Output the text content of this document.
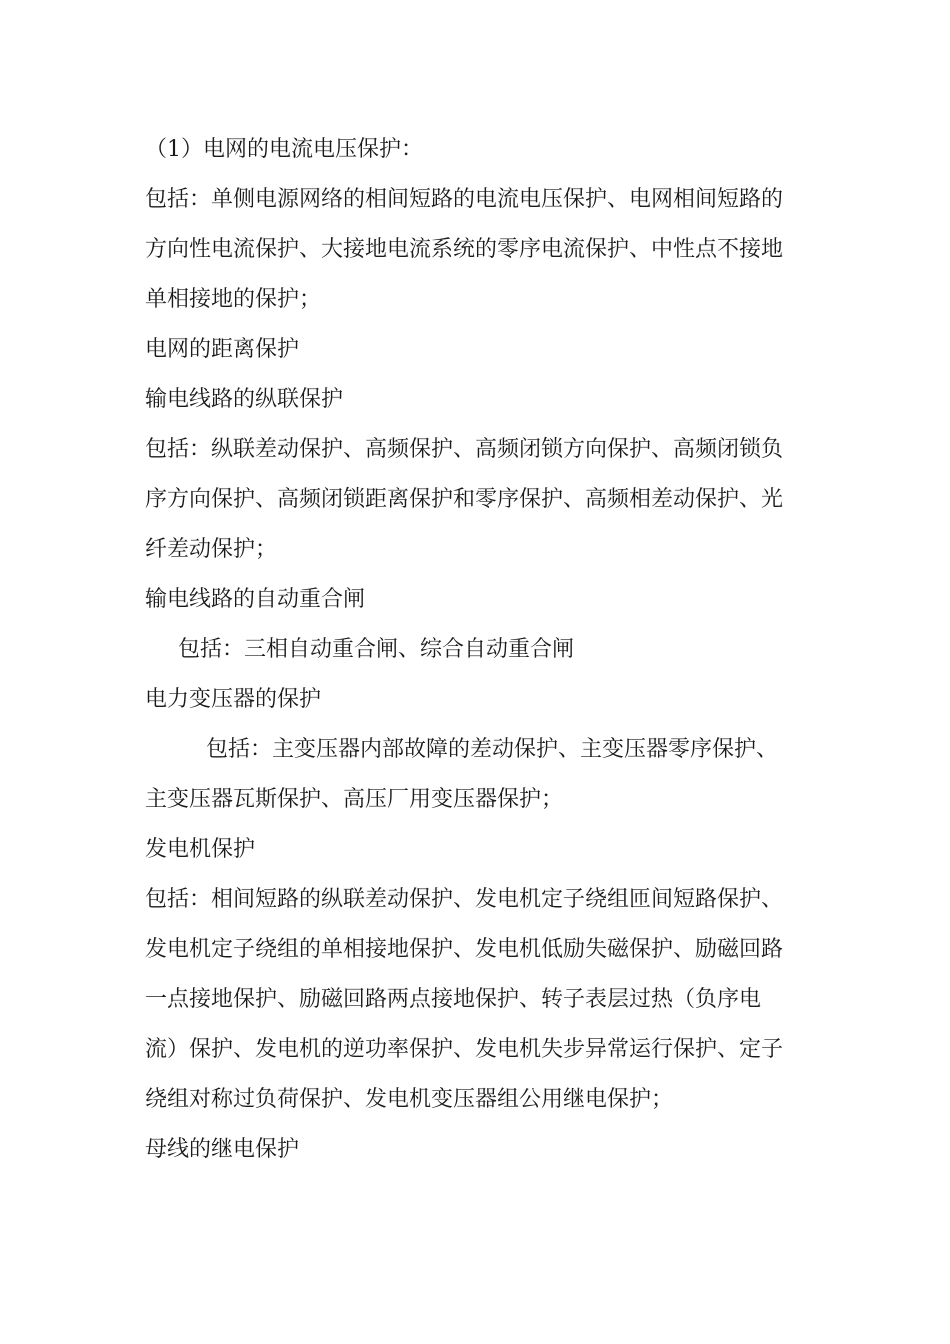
（1）电网的电流电压保护：
包括：单侧电源网络的相间短路的电流电压保护、电网相间短路的
方向性电流保护、大接地电流系统的零序电流保护、中性点不接地
单相接地的保护；
电网的距离保护
输电线路的纵联保护
包括：纵联差动保护、高频保护、高频闭锁方向保护、高频闭锁负
序方向保护、高频闭锁距离保护和零序保护、高频相差动保护、光
纤差动保护；
输电线路的自动重合闸
包括：三相自动重合闸、综合自动重合闸
电力变压器的保护
包括：主变压器内部故障的差动保护、主变压器零序保护、
主变压器瓦斯保护、高压厂用变压器保护；
发电机保护
包括：相间短路的纵联差动保护、发电机定子绕组匝间短路保护、
发电机定子绕组的单相接地保护、发电机低励失磁保护、励磁回路
一点接地保护、励磁回路两点接地保护、转子表层过热（负序电
流）保护、发电机的逆功率保护、发电机失步异常运行保护、定子
绕组对称过负荷保护、发电机变压器组公用继电保护；
母线的继电保护
